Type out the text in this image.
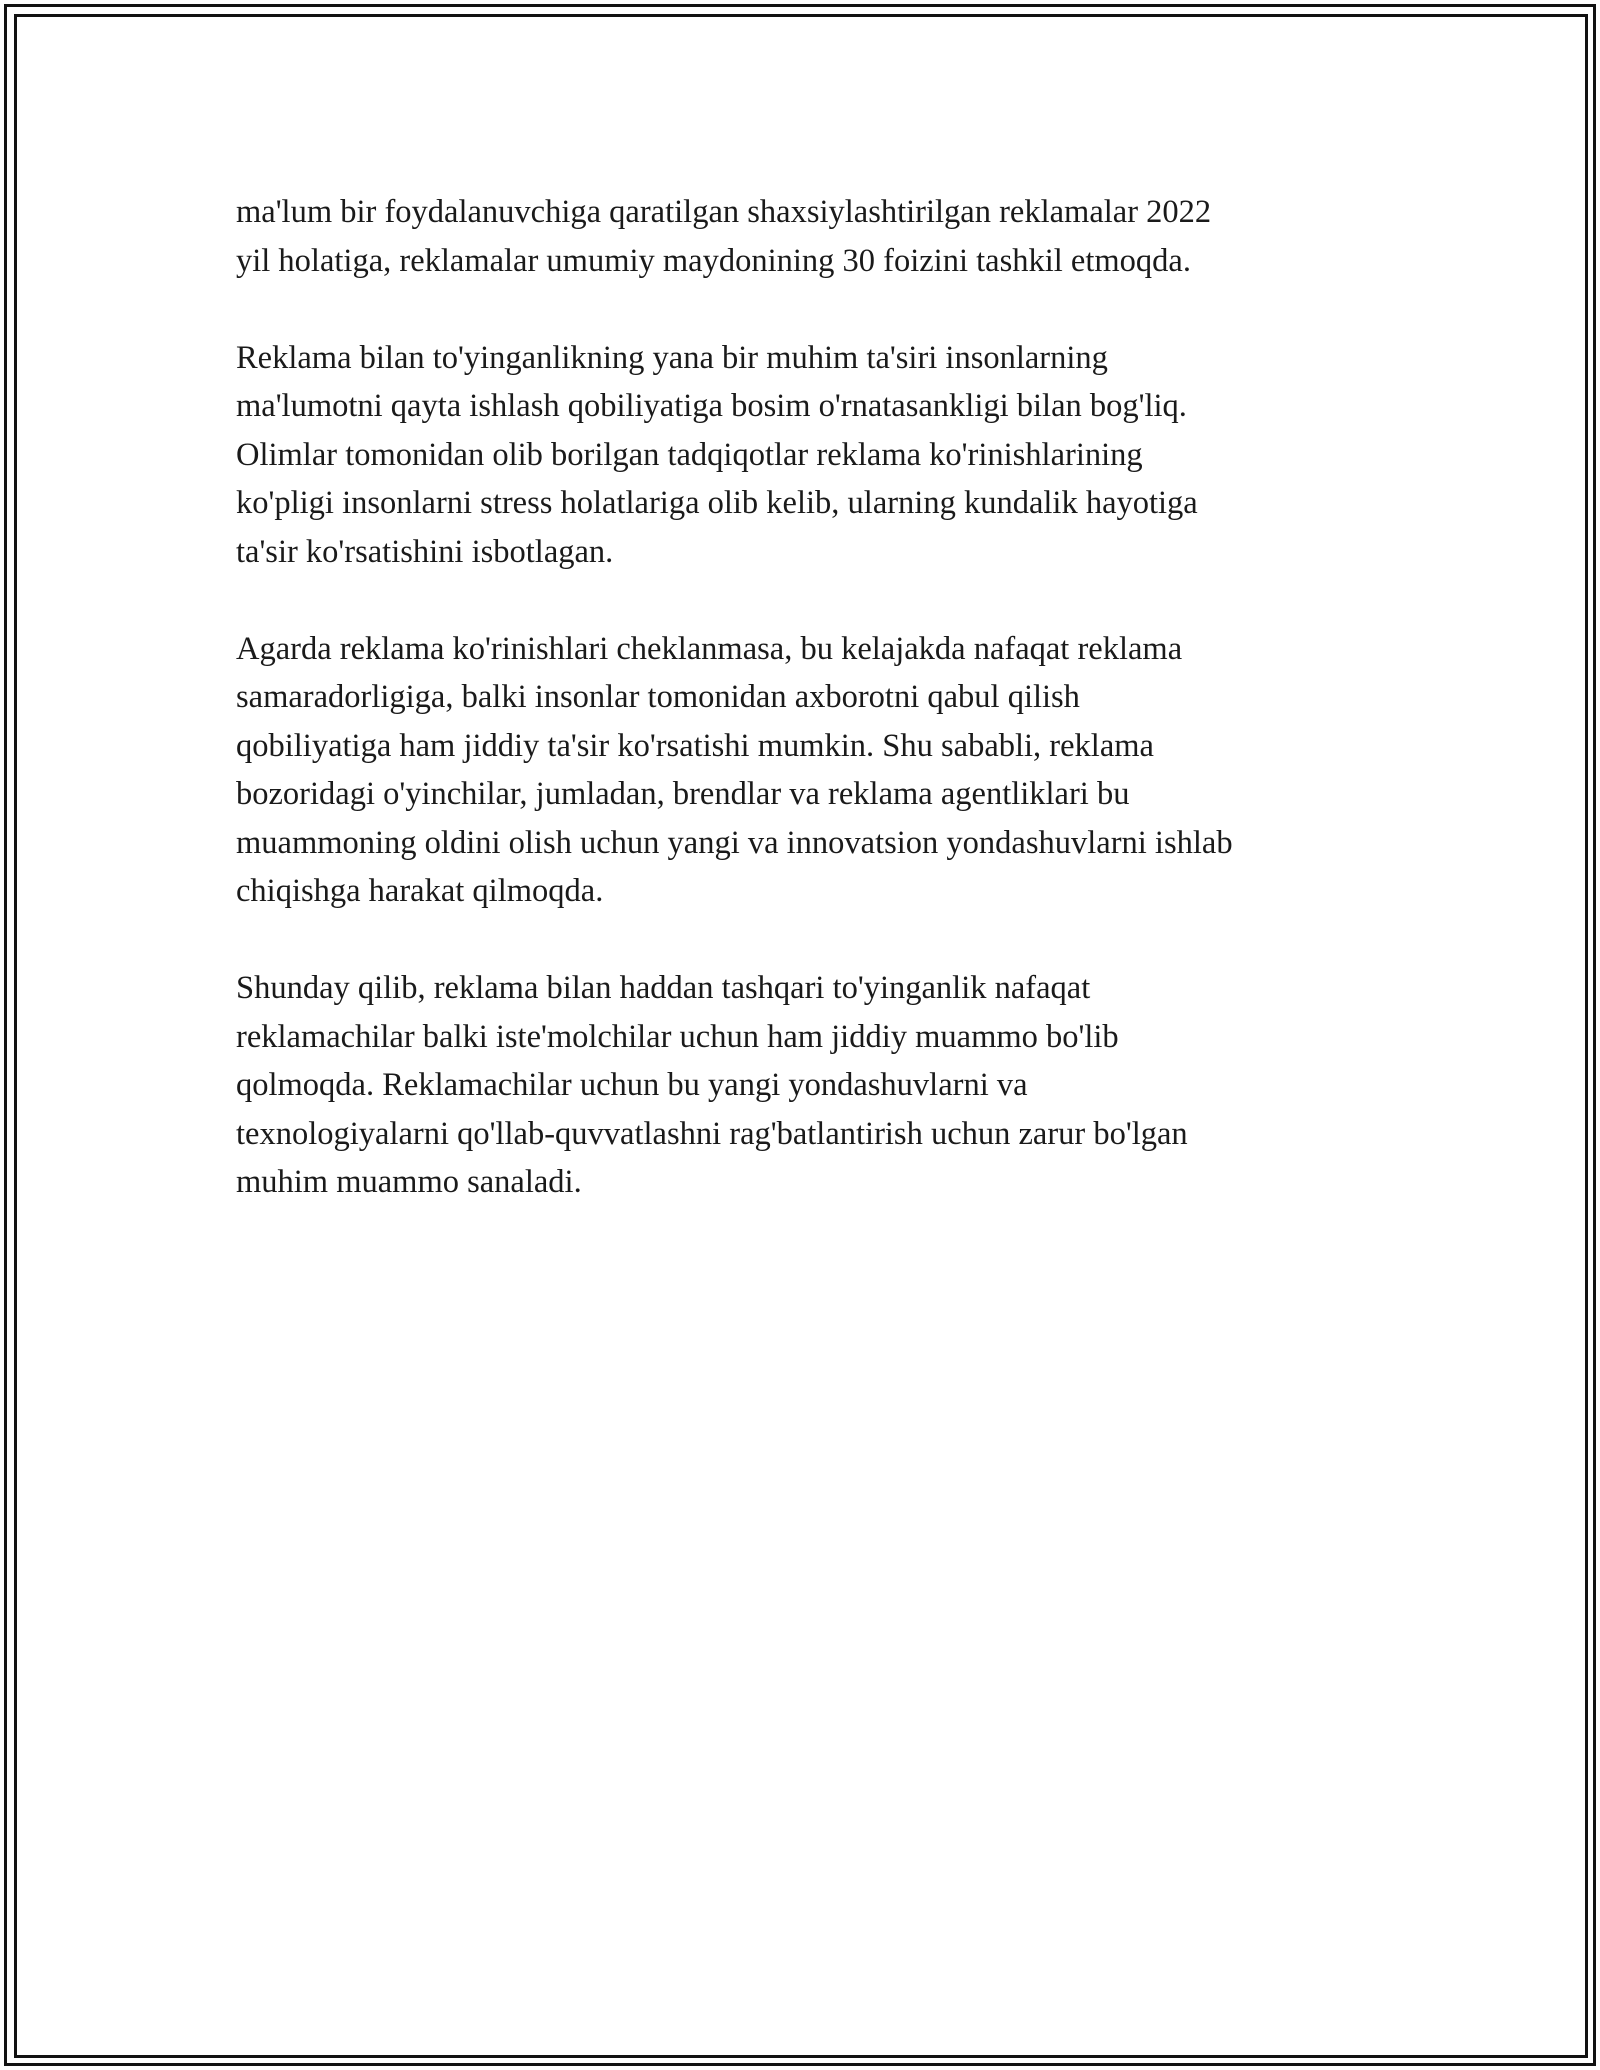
ma'lum bir foydalanuvchiga qaratilgan shaxsiylashtirilgan reklamalar 2022
yil holatiga, reklamalar umumiy maydonining 30 foizini tashkil etmoqda.

Reklama bilan to'yinganlikning yana bir muhim ta'siri insonlarning
ma'lumotni qayta ishlash qobiliyatiga bosim o'rnatasankligi bilan bog'liq.
Olimlar tomonidan olib borilgan tadqiqotlar reklama ko'rinishlarining
ko'pligi insonlarni stress holatlariga olib kelib, ularning kundalik hayotiga
ta'sir ko'rsatishini isbotlagan.

Agarda reklama ko'rinishlari cheklanmasa, bu kelajakda nafaqat reklama
samaradorligiga, balki insonlar tomonidan axborotni qabul qilish
qobiliyatiga ham jiddiy ta'sir ko'rsatishi mumkin. Shu sababli, reklama
bozoridagi o'yinchilar, jumladan, brendlar va reklama agentliklari bu
muammoning oldini olish uchun yangi va innovatsion yondashuvlarni ishlab
chiqishga harakat qilmoqda.

Shunday qilib, reklama bilan haddan tashqari to'yinganlik nafaqat
reklamachilar balki iste'molchilar uchun ham jiddiy muammo bo'lib
qolmoqda. Reklamachilar uchun bu yangi yondashuvlarni va
texnologiyalarni qo'llab-quvvatlashni rag'batlantirish uchun zarur bo'lgan
muhim muammo sanaladi.
